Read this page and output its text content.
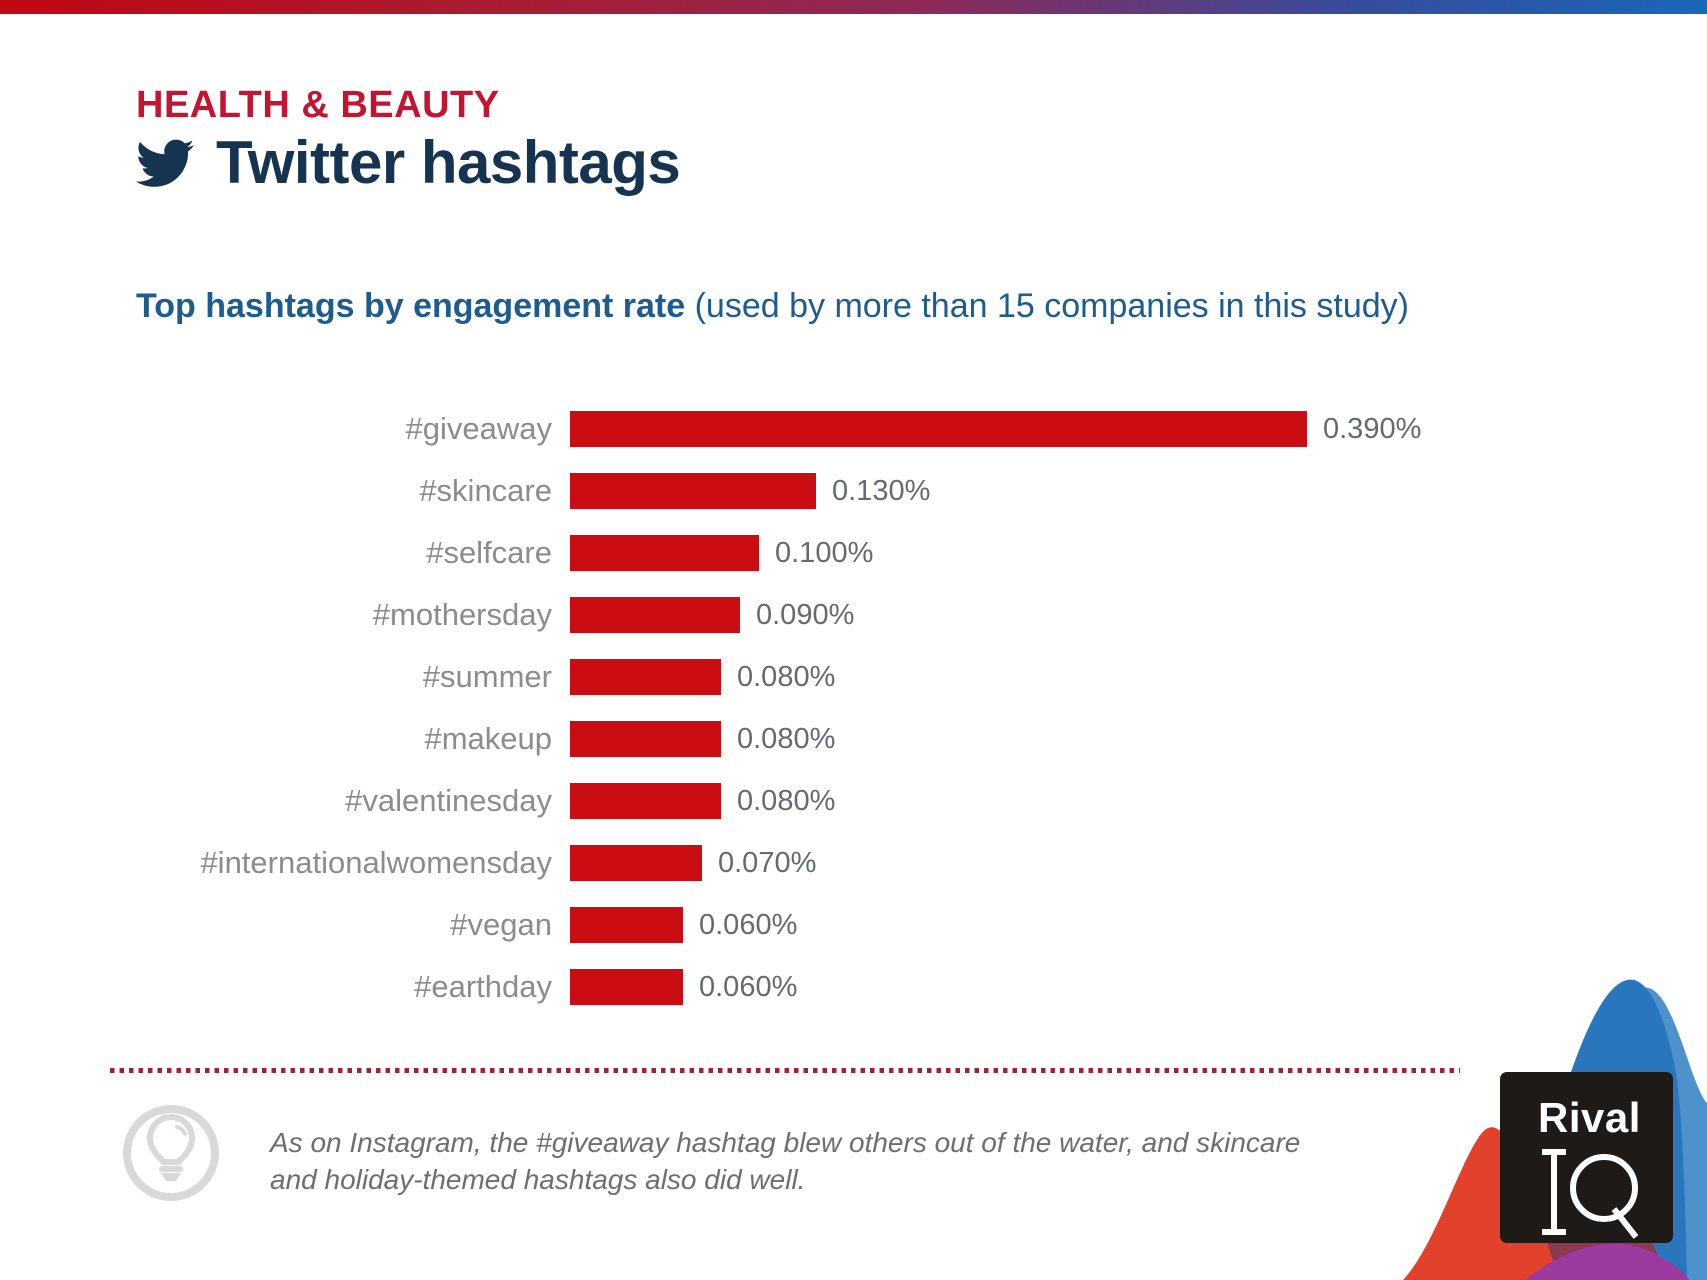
HEALTH & BEAUTY
Twitter hashtags
Top hashtags by engagement rate (used by more than 15 companies in this study)
#giveaway	0.390%
#skincare	0.130%
#selfcare	0.100%
#mothersday	0.090%
#summer	0.080%
#makeup	0.080%
#valentinesday	0.080%
#internationalwomensday	0.070%
#vegan	0.060%
#earthday	0.060%
As on Instagram, the #giveaway hashtag blew others out of the water, and skincare and holiday-themed hashtags also did well.
Rival
